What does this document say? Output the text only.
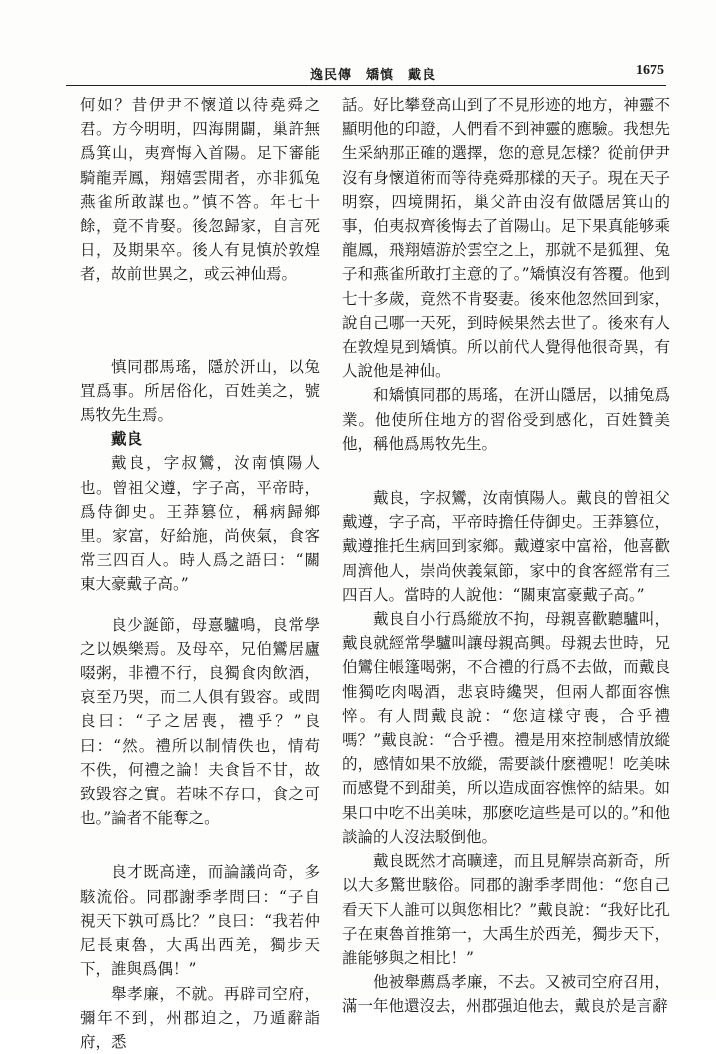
逸民傳　矯慎　戴良	1675

何如？昔伊尹不懷道以待堯舜之君。方今明明，四海開闢，巢許無爲箕山，夷齊悔入首陽。足下審能騎龍弄鳳，翔嬉雲閒者，亦非狐兔燕雀所敢謀也。”慎不答。年七十餘，竟不肯娶。後忽歸家，自言死日，及期果卒。後人有見慎於敦煌者，故前世異之，或云神仙焉。

慎同郡馬瑤，隱於汧山，以兔罝爲事。所居俗化，百姓美之，號馬牧先生焉。

戴良

戴良，字叔鸞，汝南慎陽人也。曾祖父遵，字子高，平帝時，爲侍御史。王莽篡位，稱病歸鄉里。家富，好給施，尚俠氣，食客常三四百人。時人爲之語曰：“關東大豪戴子高。”

良少誕節，母憙驢鳴，良常學之以娛樂焉。及母卒，兄伯鸞居廬啜粥，非禮不行，良獨食肉飲酒，哀至乃哭，而二人俱有毀容。或問良曰：“子之居喪，禮乎？”良曰：“然。禮所以制情佚也，情苟不佚，何禮之論！夫食旨不甘，故致毀容之實。若味不存口，食之可也。”論者不能奪之。

良才既高達，而論議尚奇，多駭流俗。同郡謝季孝問曰：“子自視天下孰可爲比？”良曰：“我若仲尼長東魯，大禹出西羌，獨步天下，誰與爲偶！”

舉孝廉，不就。再辟司空府，彌年不到，州郡迫之，乃遁辭詣府，悉

話。好比攀登高山到了不見形迹的地方，神靈不顯明他的印證，人們看不到神靈的應驗。我想先生采納那正確的選擇，您的意見怎樣？從前伊尹沒有身懷道術而等待堯舜那樣的天子。現在天子明察，四境開拓，巢父許由沒有做隱居箕山的事，伯夷叔齊後悔去了首陽山。足下果真能够乘龍鳳，飛翔嬉游於雲空之上，那就不是狐狸、兔子和燕雀所敢打主意的了。”矯慎沒有答覆。他到七十多歲，竟然不肯娶妻。後來他忽然回到家，說自己哪一天死，到時候果然去世了。後來有人在敦煌見到矯慎。所以前代人覺得他很奇異，有人說他是神仙。

和矯慎同郡的馬瑤，在汧山隱居，以捕兔爲業。他使所住地方的習俗受到感化，百姓贊美他，稱他爲馬牧先生。

戴良，字叔鸞，汝南慎陽人。戴良的曾祖父戴遵，字子高，平帝時擔任侍御史。王莽篡位，戴遵推托生病回到家鄉。戴遵家中富裕，他喜歡周濟他人，崇尚俠義氣節，家中的食客經常有三四百人。當時的人說他：“關東富豪戴子高。”

戴良自小行爲縱放不拘，母親喜歡聽驢叫，戴良就經常學驢叫讓母親高興。母親去世時，兄伯鸞住帳篷喝粥，不合禮的行爲不去做，而戴良惟獨吃肉喝酒，悲哀時纔哭，但兩人都面容憔悴。有人問戴良說：“您這樣守喪，合乎禮嗎？”戴良說：“合乎禮。禮是用來控制感情放縱的，感情如果不放縱，需要談什麽禮呢！吃美味而感覺不到甜美，所以造成面容憔悴的結果。如果口中吃不出美味，那麽吃這些是可以的。”和他談論的人沒法駁倒他。

戴良既然才高曠達，而且見解崇高新奇，所以大多驚世駭俗。同郡的謝季孝問他：“您自己看天下人誰可以與您相比？”戴良說：“我好比孔子在東魯首推第一，大禹生於西羌，獨步天下，誰能够與之相比！”

他被舉薦爲孝廉，不去。又被司空府召用，滿一年他還沒去，州郡强迫他去，戴良於是言辭
